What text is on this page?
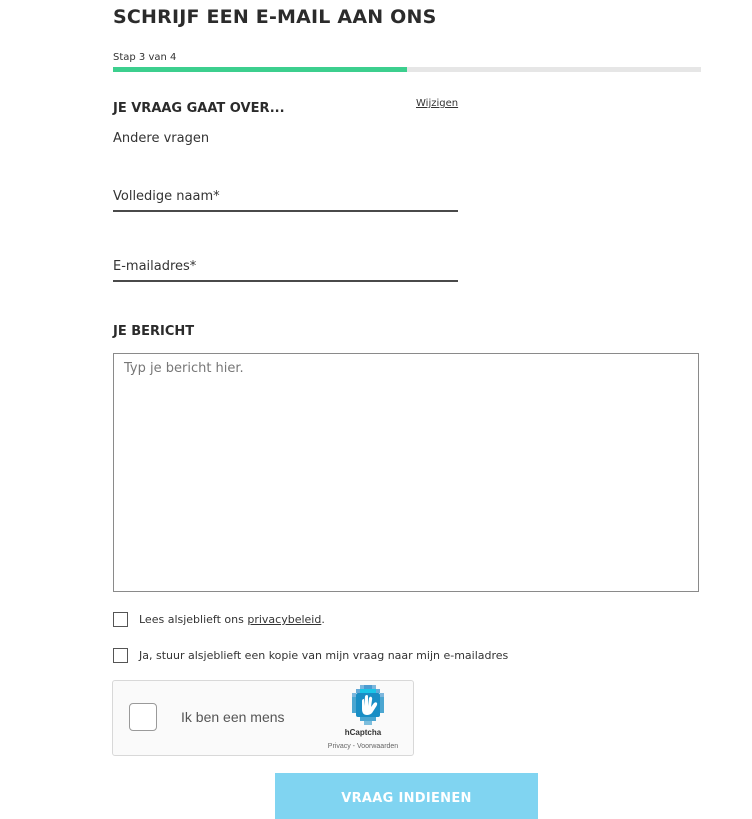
SCHRIJF EEN E-MAIL AAN ONS
Stap 3 van 4
JE VRAAG GAAT OVER...	Wijzigen
Andere vragen
Volledige naam*
E-mailadres*
JE BERICHT
Typ je bericht hier.
Lees alsjeblieft ons privacybeleid.
Ja, stuur alsjeblieft een kopie van mijn vraag naar mijn e-mailadres
Ik ben een mens
hCaptcha
Privacy - Voorwaarden
VRAAG INDIENEN
